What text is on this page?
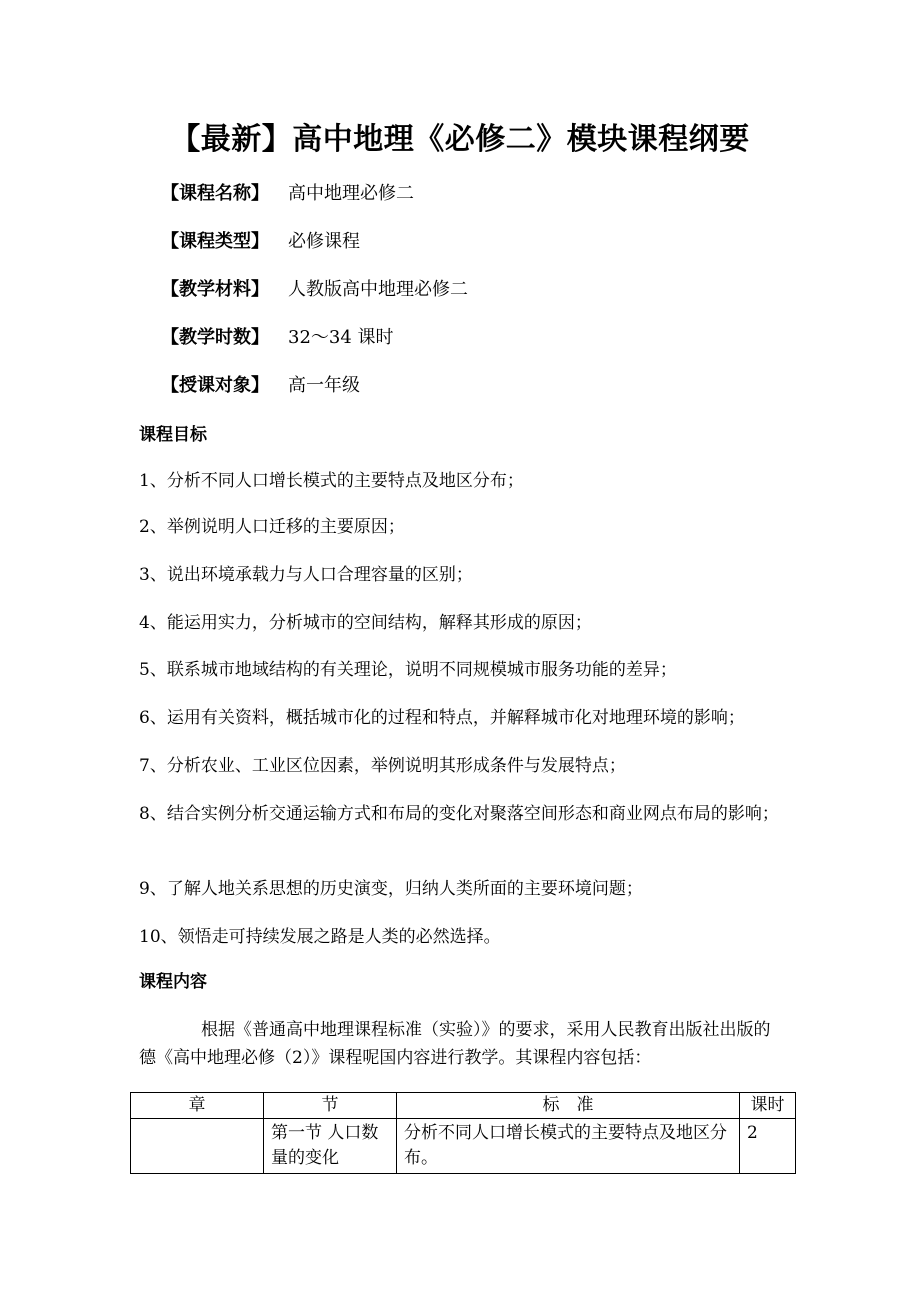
【最新】高中地理《必修二》模块课程纲要
【课程名称】 高中地理必修二
【课程类型】 必修课程
【教学材料】 人教版高中地理必修二
【教学时数】 32～34 课时
【授课对象】 高一年级
课程目标
1、分析不同人口增长模式的主要特点及地区分布；
2、举例说明人口迁移的主要原因；
3、说出环境承载力与人口合理容量的区别；
4、能运用实力，分析城市的空间结构，解释其形成的原因；
5、联系城市地域结构的有关理论，说明不同规模城市服务功能的差异；
6、运用有关资料，概括城市化的过程和特点，并解释城市化对地理环境的影响；
7、分析农业、工业区位因素，举例说明其形成条件与发展特点；
8、结合实例分析交通运输方式和布局的变化对聚落空间形态和商业网点布局的影响；
9、了解人地关系思想的历史演变，归纳人类所面的主要环境问题；
10、领悟走可持续发展之路是人类的必然选择。
课程内容
根据《普通高中地理课程标准（实验）》的要求，采用人民教育出版社出版的德《高中地理必修（2）》课程呢国内容进行教学。其课程内容包括：
章	节	标　准	课时
	第一节 人口数量的变化	分析不同人口增长模式的主要特点及地区分布。	2
